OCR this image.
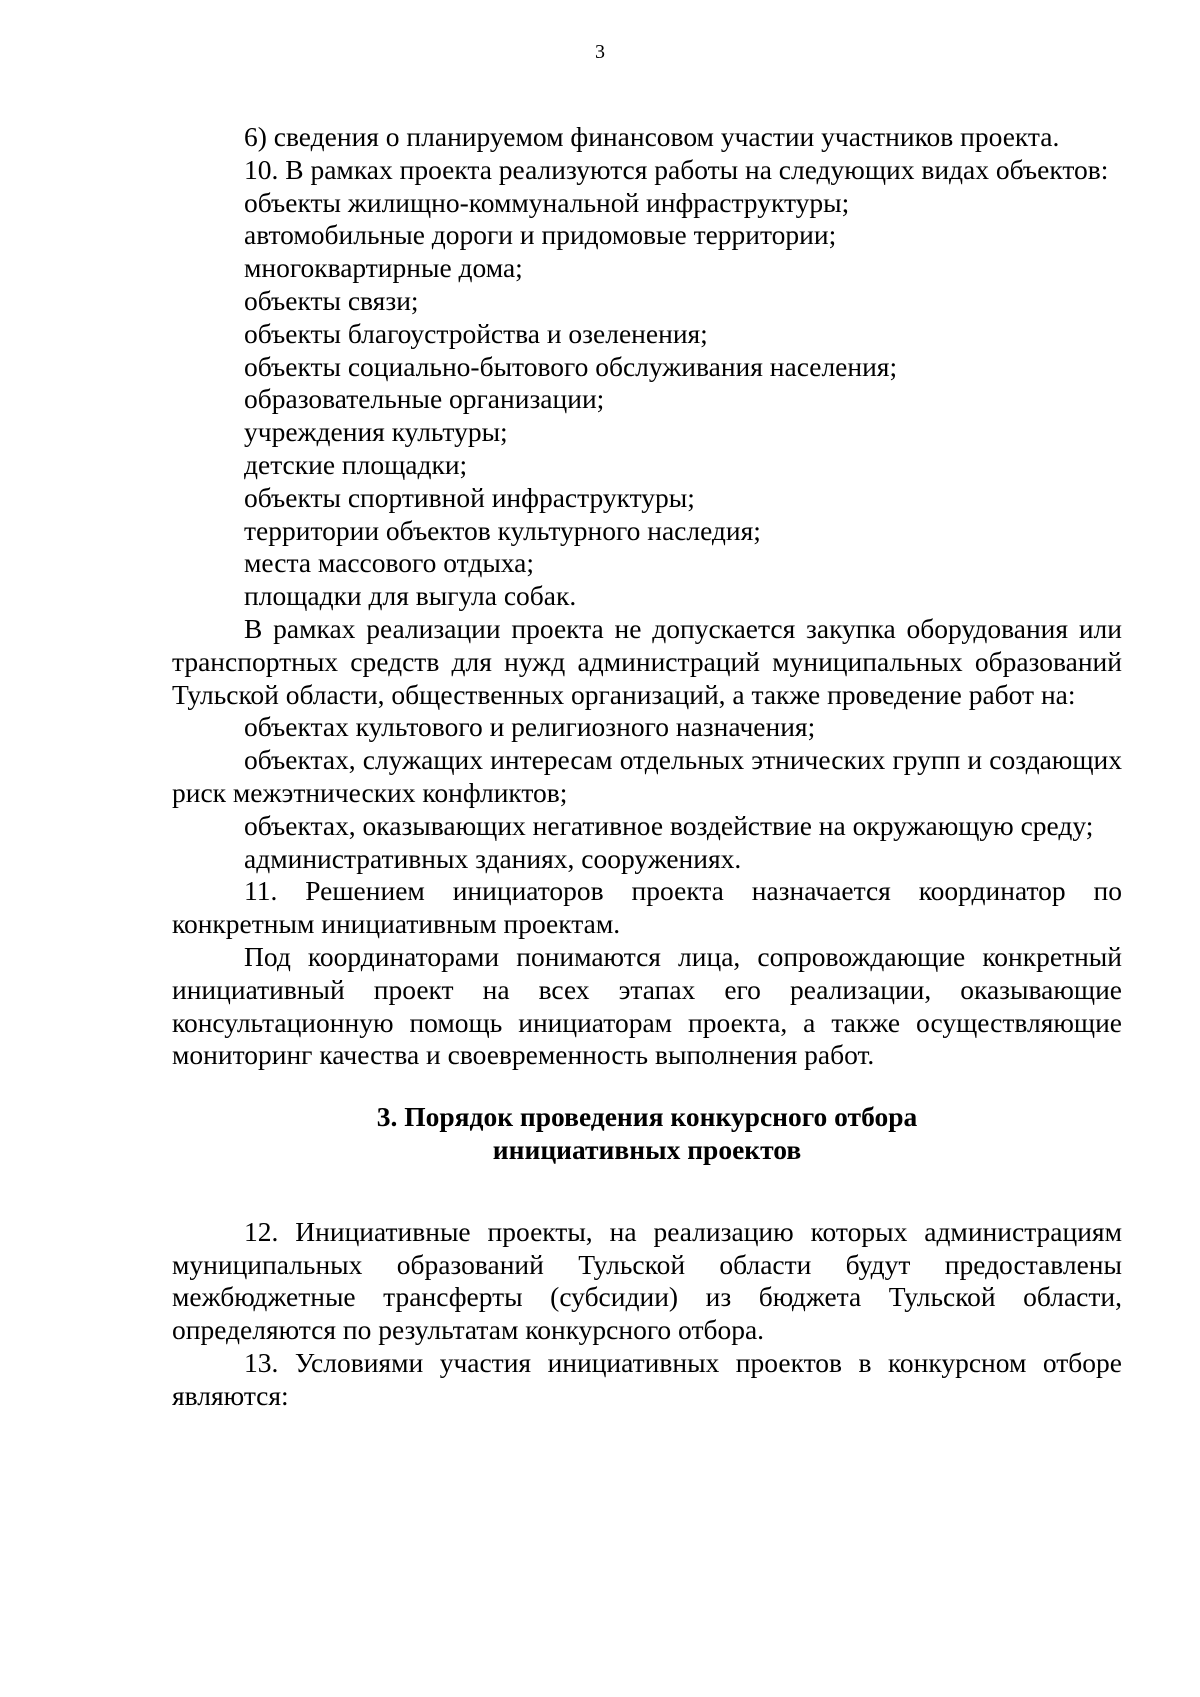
3

6) сведения о планируемом финансовом участии участников проекта.

10. В рамках проекта реализуются работы на следующих видах объектов:

объекты жилищно-коммунальной инфраструктуры;
автомобильные дороги и придомовые территории;
многоквартирные дома;
объекты связи;
объекты благоустройства и озеленения;
объекты социально-бытового обслуживания населения;
образовательные организации;
учреждения культуры;
детские площадки;
объекты спортивной инфраструктуры;
территории объектов культурного наследия;
места массового отдыха;
площадки для выгула собак.

В рамках реализации проекта не допускается закупка оборудования или транспортных средств для нужд администраций муниципальных образований Тульской области, общественных организаций, а также проведение работ на:

объектах культового и религиозного назначения;

объектах, служащих интересам отдельных этнических групп и создающих риск межэтнических конфликтов;

объектах, оказывающих негативное воздействие на окружающую среду;

административных зданиях, сооружениях.

11. Решением инициаторов проекта назначается координатор по конкретным инициативным проектам.

Под координаторами понимаются лица, сопровождающие конкретный инициативный проект на всех этапах его реализации, оказывающие консультационную помощь инициаторам проекта, а также осуществляющие мониторинг качества и своевременность выполнения работ.

3. Порядок проведения конкурсного отбора
инициативных проектов

12. Инициативные проекты, на реализацию которых администрациям муниципальных образований Тульской области будут предоставлены межбюджетные трансферты (субсидии) из бюджета Тульской области, определяются по результатам конкурсного отбора.

13. Условиями участия инициативных проектов в конкурсном отборе являются:
